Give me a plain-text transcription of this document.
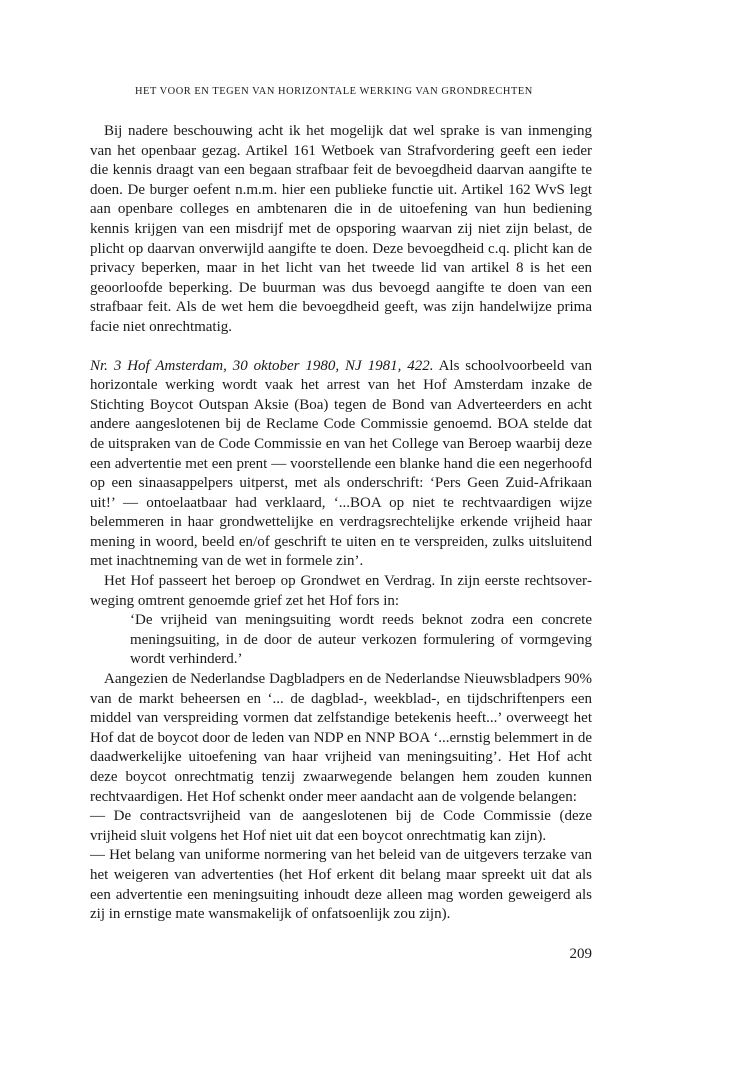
HET VOOR EN TEGEN VAN HORIZONTALE WERKING VAN GRONDRECHTEN

Bij nadere beschouwing acht ik het mogelijk dat wel sprake is van inmenging van het openbaar gezag. Artikel 161 Wetboek van Strafvordering geeft een ieder die kennis draagt van een begaan strafbaar feit de bevoegdheid daarvan aangifte te doen. De burger oefent n.m.m. hier een publieke functie uit. Artikel 162 WvS legt aan openbare colleges en ambtenaren die in de uitoefening van hun bediening kennis krijgen van een misdrijf met de opsporing waarvan zij niet zijn belast, de plicht op daarvan onverwijld aangifte te doen. Deze bevoegdheid c.q. plicht kan de privacy beperken, maar in het licht van het tweede lid van artikel 8 is het een geoorloofde beperking. De buurman was dus bevoegd aangifte te doen van een strafbaar feit. Als de wet hem die bevoegdheid geeft, was zijn handelwijze prima facie niet onrechtmatig.

Nr. 3 Hof Amsterdam, 30 oktober 1980, NJ 1981, 422. Als schoolvoorbeeld van horizontale werking wordt vaak het arrest van het Hof Amsterdam inzake de Stichting Boycot Outspan Aksie (Boa) tegen de Bond van Adverteerders en acht andere aangeslotenen bij de Reclame Code Commissie genoemd. BOA stelde dat de uitspraken van de Code Commissie en van het College van Beroep waarbij deze een advertentie met een prent — voorstellende een blanke hand die een negerhoofd op een sinaasappelpers uitperst, met als onderschrift: ‘Pers Geen Zuid-Afrikaan uit!’ — ontoelaatbaar had verklaard, ‘...BOA op niet te rechtvaardigen wijze belemmeren in haar grondwettelijke en verdragsrechtelijke erkende vrijheid haar mening in woord, beeld en/of geschrift te uiten en te verspreiden, zulks uitsluitend met inachtneming van de wet in formele zin’.

Het Hof passeert het beroep op Grondwet en Verdrag. In zijn eerste rechtsoverweging omtrent genoemde grief zet het Hof fors in:

‘De vrijheid van meningsuiting wordt reeds beknot zodra een concrete meningsuiting, in de door de auteur verkozen formulering of vormgeving wordt verhinderd.’

Aangezien de Nederlandse Dagbladpers en de Nederlandse Nieuwsbladpers 90% van de markt beheersen en ‘... de dagblad-, weekblad-, en tijdschriftenpers een middel van verspreiding vormen dat zelfstandige betekenis heeft...’ overweegt het Hof dat de boycot door de leden van NDP en NNP BOA ‘...ernstig belemmert in de daadwerkelijke uitoefening van haar vrijheid van meningsuiting’. Het Hof acht deze boycot onrechtmatig tenzij zwaarwegende belangen hem zouden kunnen rechtvaardigen. Het Hof schenkt onder meer aandacht aan de volgende belangen:

— De contractsvrijheid van de aangeslotenen bij de Code Commissie (deze vrijheid sluit volgens het Hof niet uit dat een boycot onrechtmatig kan zijn).

— Het belang van uniforme normering van het beleid van de uitgevers terzake van het weigeren van advertenties (het Hof erkent dit belang maar spreekt uit dat als een advertentie een meningsuiting inhoudt deze alleen mag worden geweigerd als zij in ernstige mate wansmakelijk of onfatsoenlijk zou zijn).

209
